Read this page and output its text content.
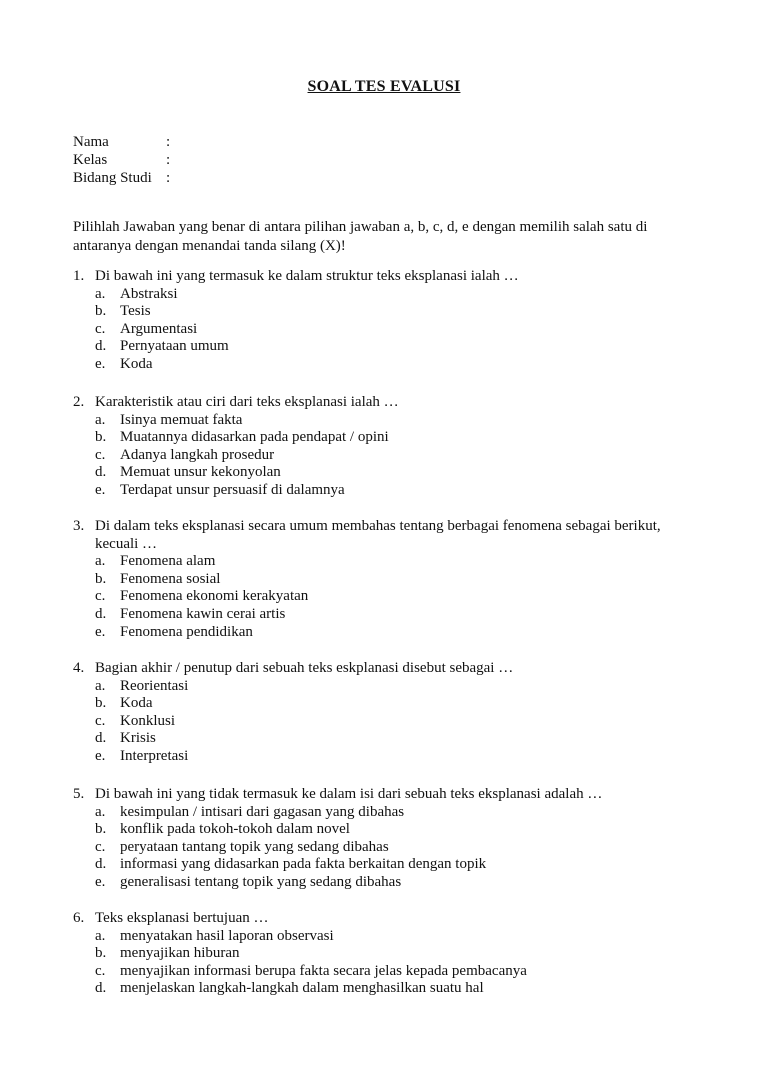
SOAL TES EVALUSI
Nama	:
Kelas	:
Bidang Studi :
Pilihlah Jawaban yang benar di antara pilihan jawaban a, b, c, d, e dengan memilih salah satu di
antaranya dengan menandai tanda silang (X)!
1. Di bawah ini yang termasuk ke dalam struktur teks eksplanasi ialah …
a. Abstraksi
b. Tesis
c. Argumentasi
d. Pernyataan umum
e. Koda
2. Karakteristik atau ciri dari teks eksplanasi ialah …
a. Isinya memuat fakta
b. Muatannya didasarkan pada pendapat / opini
c. Adanya langkah prosedur
d. Memuat unsur kekonyolan
e. Terdapat unsur persuasif di dalamnya
3. Di dalam teks eksplanasi secara umum membahas tentang berbagai fenomena sebagai berikut, kecuali …
a. Fenomena alam
b. Fenomena sosial
c. Fenomena ekonomi kerakyatan
d. Fenomena kawin cerai artis
e. Fenomena pendidikan
4. Bagian akhir / penutup dari sebuah teks eskplanasi disebut sebagai …
a. Reorientasi
b. Koda
c. Konklusi
d. Krisis
e. Interpretasi
5. Di bawah ini yang tidak termasuk ke dalam isi dari sebuah teks eksplanasi adalah …
a. kesimpulan / intisari dari gagasan yang dibahas
b. konflik pada tokoh-tokoh dalam novel
c. peryataan tantang topik yang sedang dibahas
d. informasi yang didasarkan pada fakta berkaitan dengan topik
e. generalisasi tentang topik yang sedang dibahas
6. Teks eksplanasi bertujuan …
a. menyatakan hasil laporan observasi
b. menyajikan hiburan
c. menyajikan informasi berupa fakta secara jelas kepada pembacanya
d. menjelaskan langkah-langkah dalam menghasilkan suatu hal
